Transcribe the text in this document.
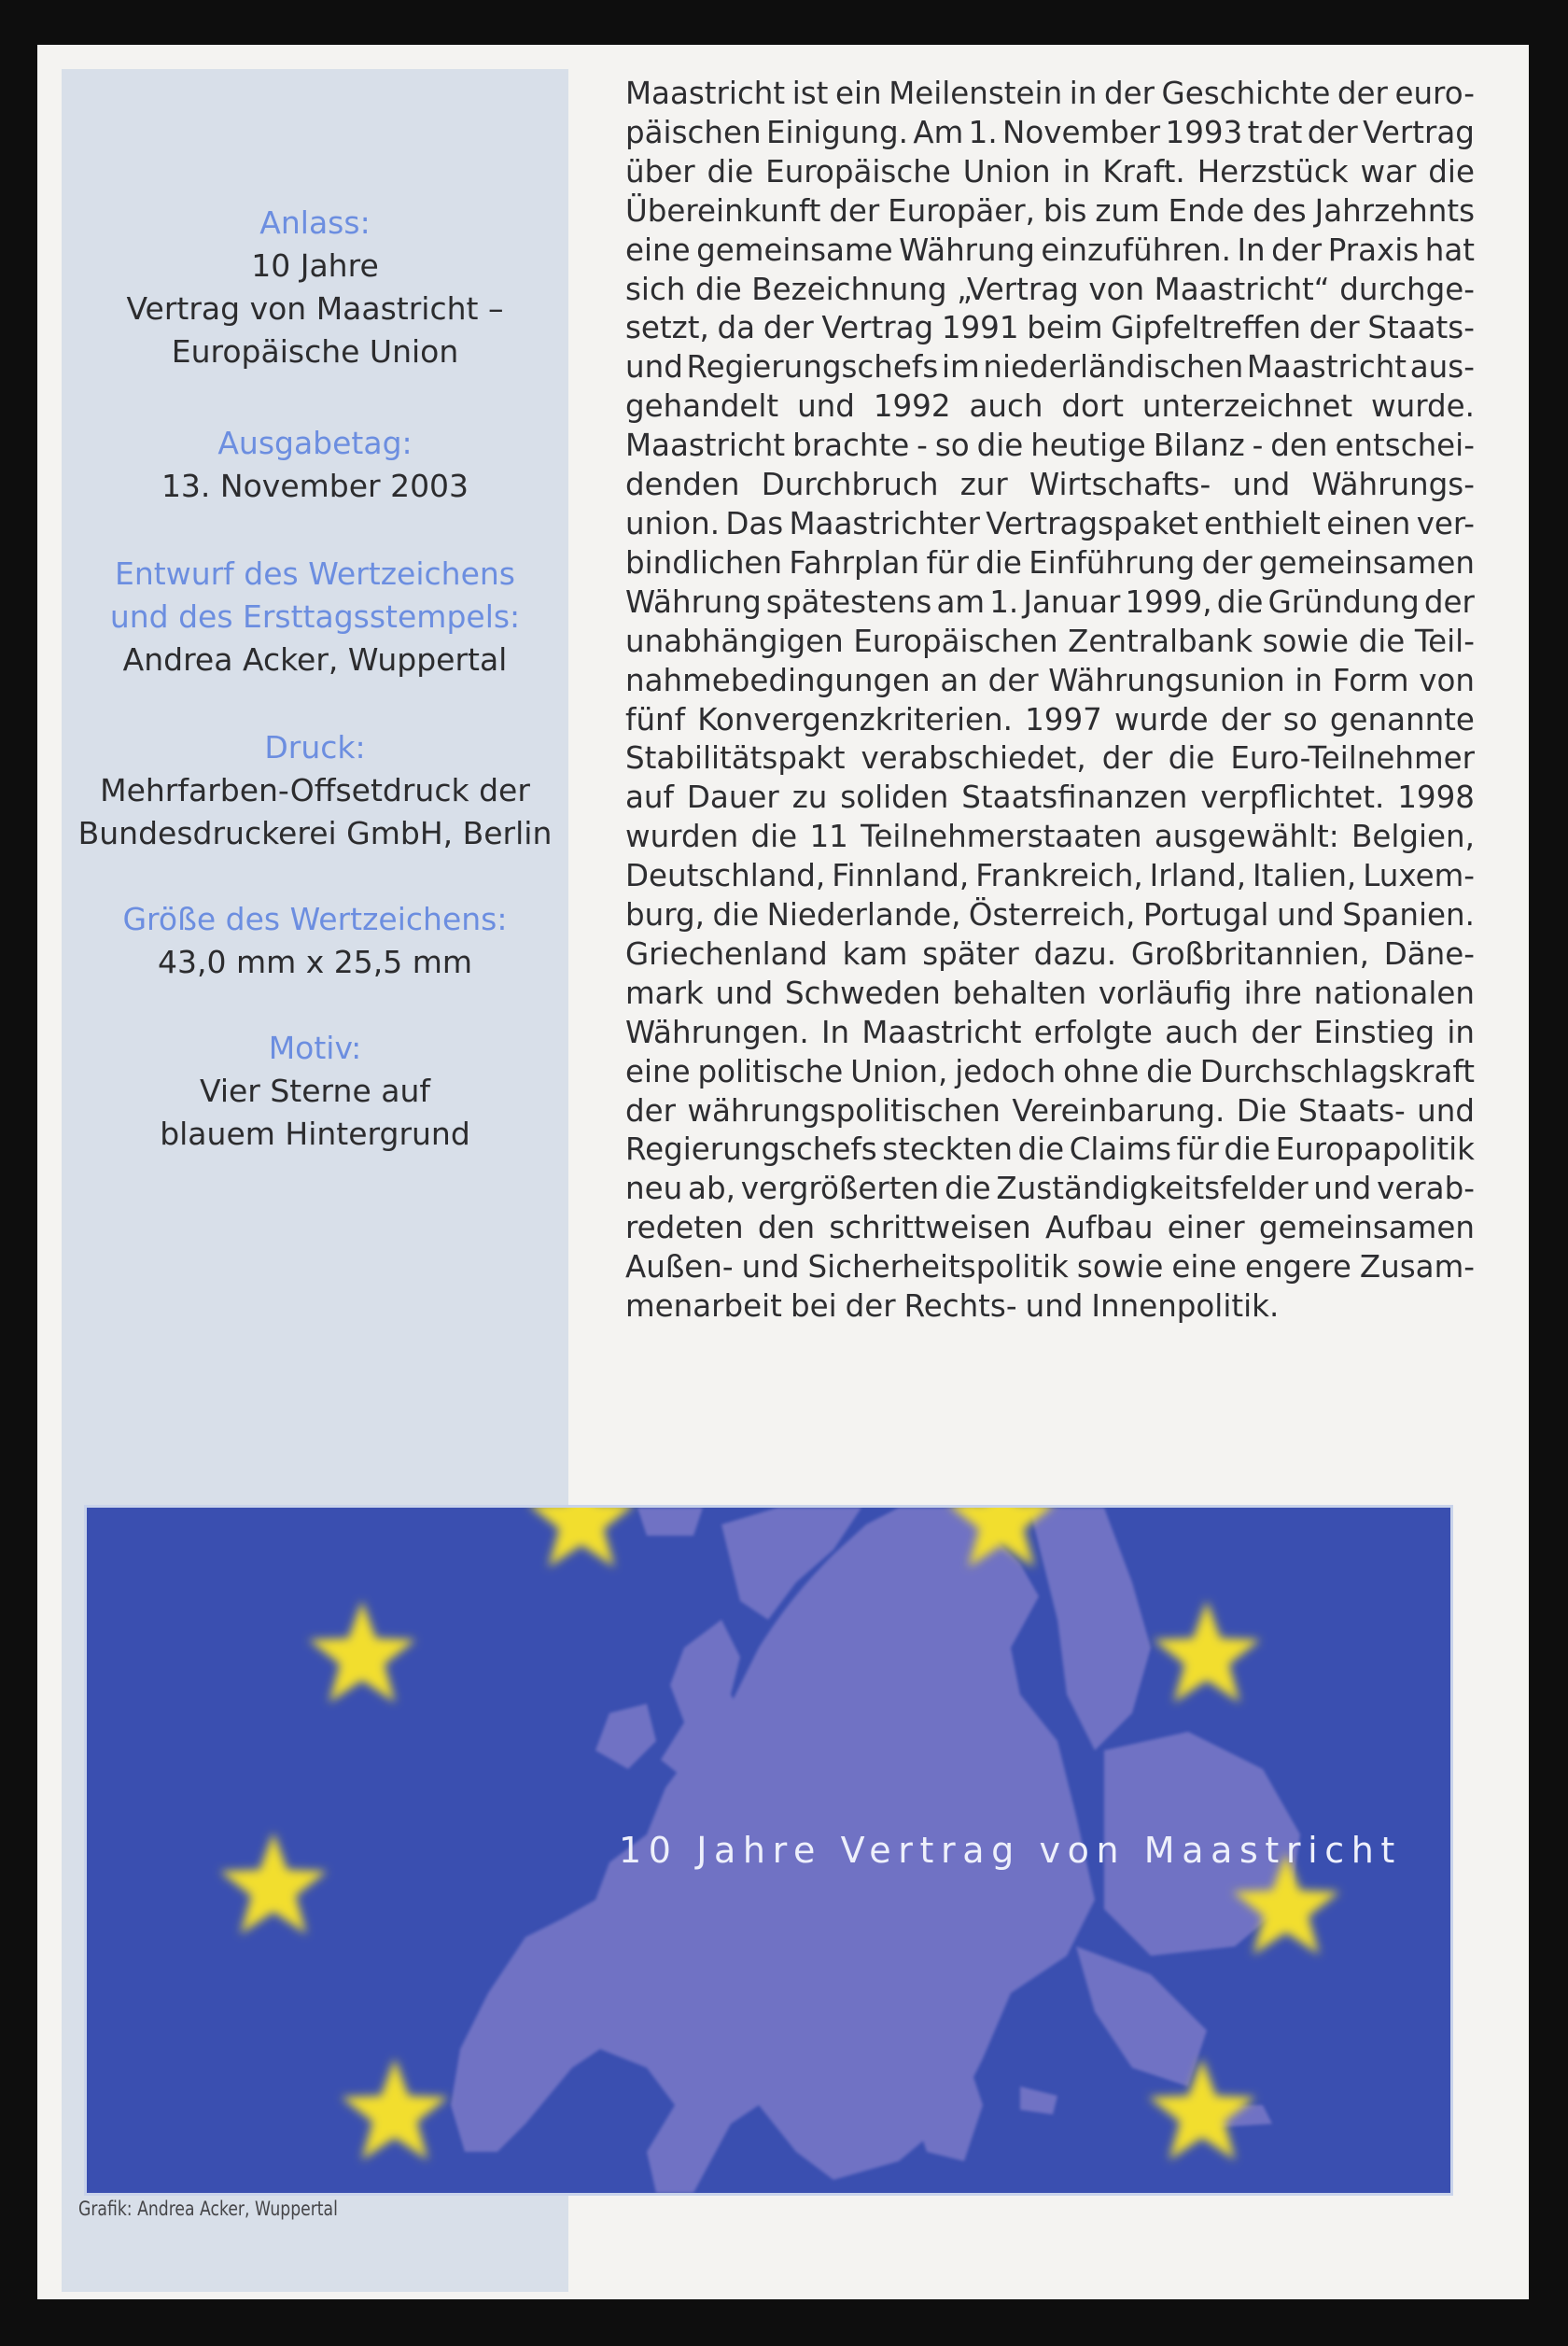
Anlass:
10 Jahre
Vertrag von Maastricht –
Europäische Union
Ausgabetag:
13. November 2003
Entwurf des Wertzeichens
und des Ersttagsstempels:
Andrea Acker, Wuppertal
Druck:
Mehrfarben-Offsetdruck der
Bundesdruckerei GmbH, Berlin
Größe des Wertzeichens:
43,0 mm x 25,5 mm
Motiv:
Vier Sterne auf
blauem Hintergrund
Maastricht ist ein Meilenstein in der Geschichte der euro-
päischen Einigung. Am 1. November 1993 trat der Vertrag
über die Europäische Union in Kraft. Herzstück war die
Übereinkunft der Europäer, bis zum Ende des Jahrzehnts
eine gemeinsame Währung einzuführen. In der Praxis hat
sich die Bezeichnung „Vertrag von Maastricht“ durchge-
setzt, da der Vertrag 1991 beim Gipfeltreffen der Staats-
und Regierungschefs im niederländischen Maastricht aus-
gehandelt und 1992 auch dort unterzeichnet wurde.
Maastricht brachte - so die heutige Bilanz - den entschei-
denden Durchbruch zur Wirtschafts- und Währungs-
union. Das Maastrichter Vertragspaket enthielt einen ver-
bindlichen Fahrplan für die Einführung der gemeinsamen
Währung spätestens am 1. Januar 1999, die Gründung der
unabhängigen Europäischen Zentralbank sowie die Teil-
nahmebedingungen an der Währungsunion in Form von
fünf Konvergenzkriterien. 1997 wurde der so genannte
Stabilitätspakt verabschiedet, der die Euro-Teilnehmer
auf Dauer zu soliden Staatsfinanzen verpflichtet. 1998
wurden die 11 Teilnehmerstaaten ausgewählt: Belgien,
Deutschland, Finnland, Frankreich, Irland, Italien, Luxem-
burg, die Niederlande, Österreich, Portugal und Spanien.
Griechenland kam später dazu. Großbritannien, Däne-
mark und Schweden behalten vorläufig ihre nationalen
Währungen. In Maastricht erfolgte auch der Einstieg in
eine politische Union, jedoch ohne die Durchschlagskraft
der währungspolitischen Vereinbarung. Die Staats- und
Regierungschefs steckten die Claims für die Europapolitik
neu ab, vergrößerten die Zuständigkeitsfelder und verab-
redeten den schrittweisen Aufbau einer gemeinsamen
Außen- und Sicherheitspolitik sowie eine engere Zusam-
menarbeit bei der Rechts- und Innenpolitik.
10 Jahre Vertrag von Maastricht
Grafik: Andrea Acker, Wuppertal
